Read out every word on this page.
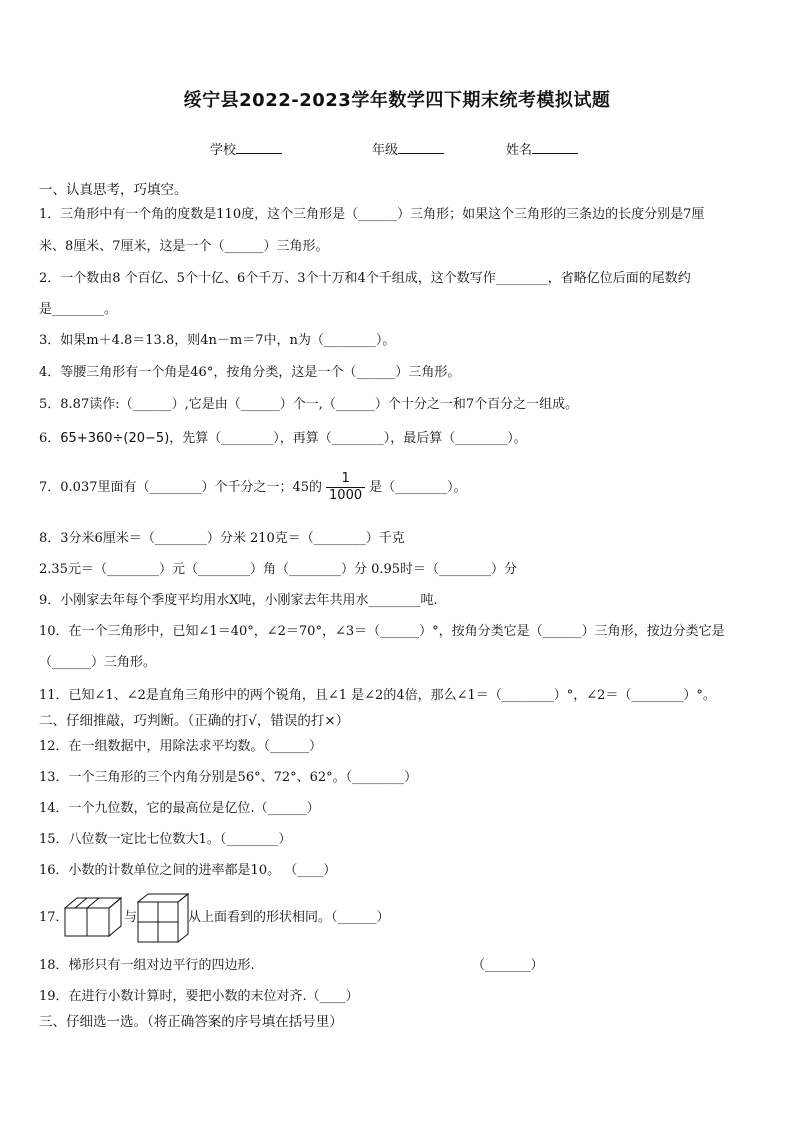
绥宁县2022-2023学年数学四下期末统考模拟试题
学校	年级	姓名
一、认真思考，巧填空。
1．三角形中有一个角的度数是110度，这个三角形是（______）三角形；如果这个三角形的三条边的长度分别是7厘
米、8厘米、7厘米，这是一个（______）三角形。
2．一个数由8 个百亿、5个十亿、6个千万、3个十万和4个千组成，这个数写作________，省略亿位后面的尾数约
是________。
3．如果m＋4.8＝13.8，则4n－m＝7中，n为（________）。
4．等腰三角形有一个角是46°，按角分类，这是一个（______）三角形。
5．8.87读作:（______）,它是由（______）个一,（______）个十分之一和7个百分之一组成。
6．65+360÷(20−5)，先算（________），再算（________），最后算（________）。
7．0.037里面有（________）个千分之一；45的 $\frac{1}{1000}$ 是（________）。
8．3分米6厘米＝（________）分米 210克＝（________）千克
2.35元＝（________）元（________）角（________）分 0.95时＝（________）分
9．小刚家去年每个季度平均用水X吨，小刚家去年共用水________吨.
10．在一个三角形中，已知∠1＝40°，∠2＝70°，∠3＝（______）°，按角分类它是（______）三角形，按边分类它是
（______）三角形。
11．已知∠1、∠2是直角三角形中的两个锐角，且∠1 是∠2的4倍，那么∠1＝（________）°，∠2＝（________）°。
二、仔细推敲，巧判断。（正确的打√，错误的打×）
12．在一组数据中，用除法求平均数。（______）
13．一个三角形的三个内角分别是56°、72°、62°。（________）
14．一个九位数，它的最高位是亿位.（______）
15．八位数一定比七位数大1。（________）
16．小数的计数单位之间的进率都是10。 （____）
17．	与	从上面看到的形状相同。（______）
18．梯形只有一组对边平行的四边形.	（_______）
19．在进行小数计算时，要把小数的末位对齐.（____）
三、仔细选一选。（将正确答案的序号填在括号里）
